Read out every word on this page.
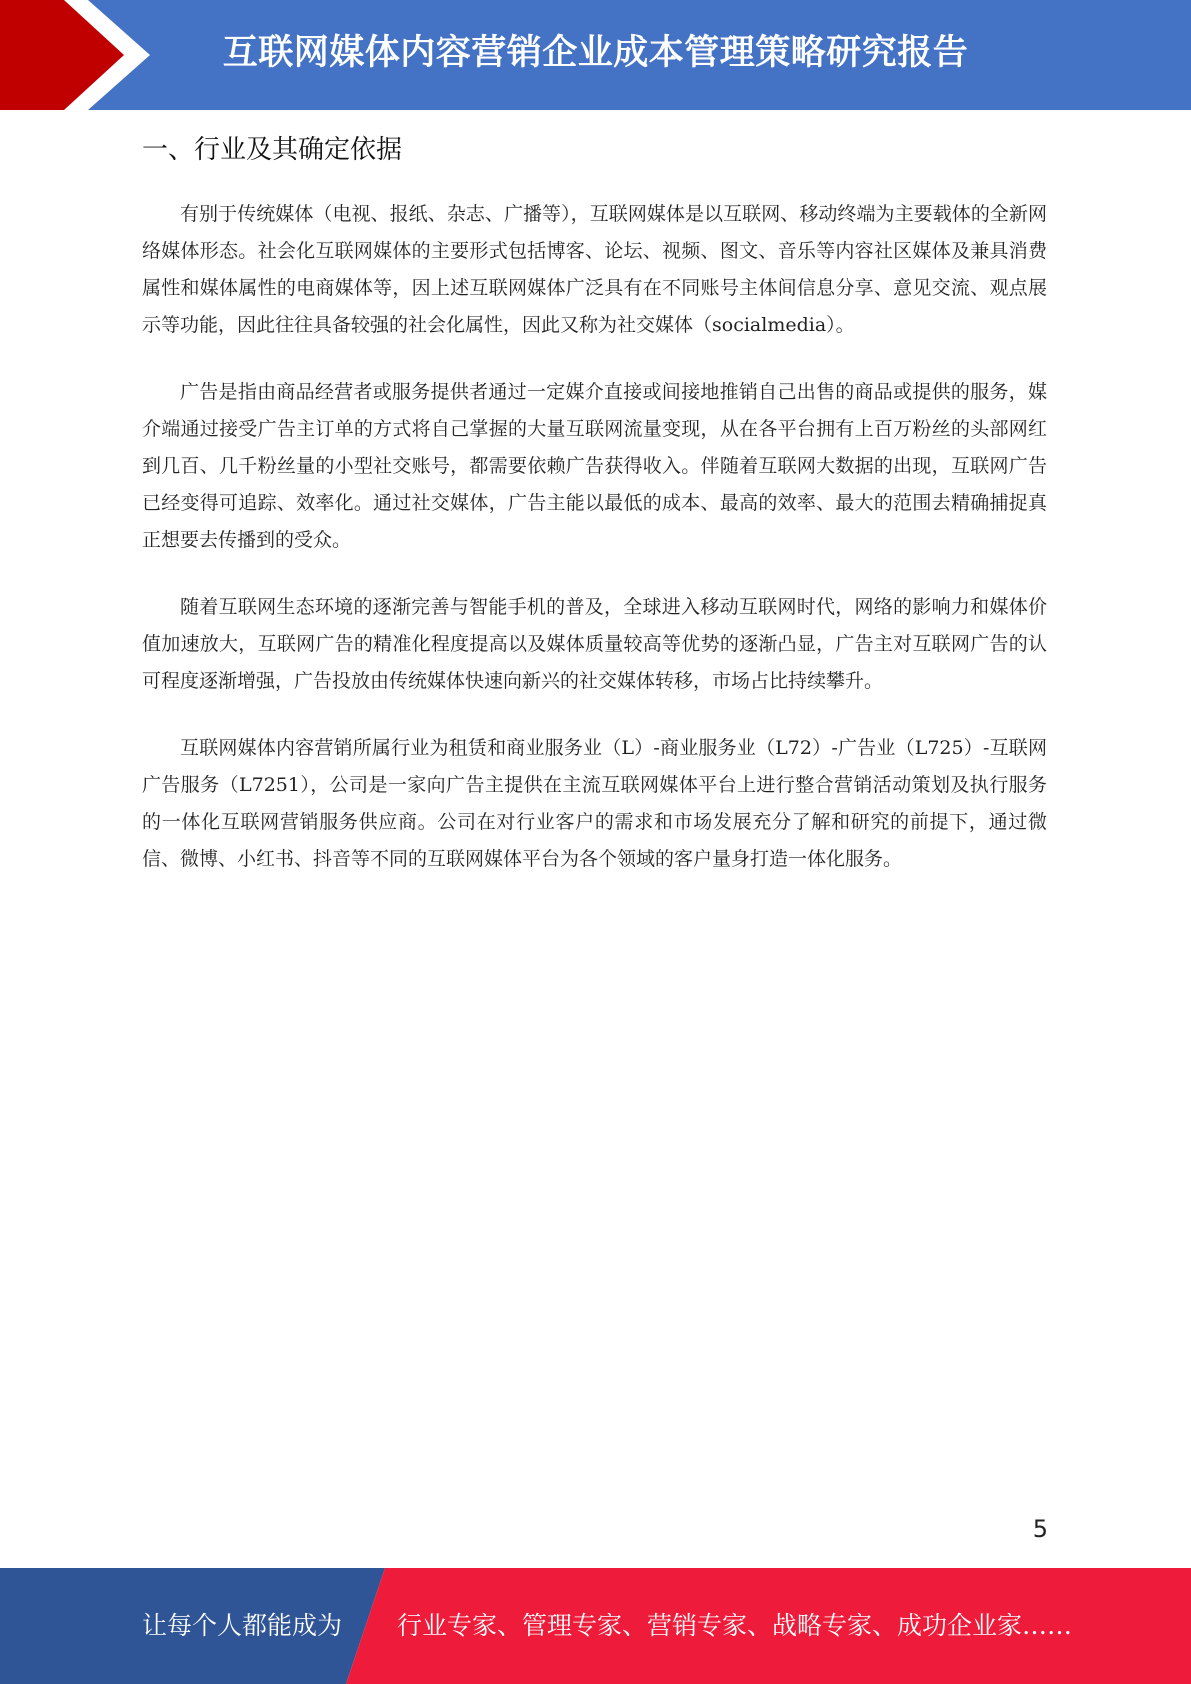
互联网媒体内容营销企业成本管理策略研究报告
一、行业及其确定依据

有别于传统媒体（电视、报纸、杂志、广播等），互联网媒体是以互联网、移动终端为主要载体的全新网络媒体形态。社会化互联网媒体的主要形式包括博客、论坛、视频、图文、音乐等内容社区媒体及兼具消费属性和媒体属性的电商媒体等，因上述互联网媒体广泛具有在不同账号主体间信息分享、意见交流、观点展示等功能，因此往往具备较强的社会化属性，因此又称为社交媒体（socialmedia）。

广告是指由商品经营者或服务提供者通过一定媒介直接或间接地推销自己出售的商品或提供的服务，媒介端通过接受广告主订单的方式将自己掌握的大量互联网流量变现，从在各平台拥有上百万粉丝的头部网红到几百、几千粉丝量的小型社交账号，都需要依赖广告获得收入。伴随着互联网大数据的出现，互联网广告已经变得可追踪、效率化。通过社交媒体，广告主能以最低的成本、最高的效率、最大的范围去精确捕捉真正想要去传播到的受众。

随着互联网生态环境的逐渐完善与智能手机的普及，全球进入移动互联网时代，网络的影响力和媒体价值加速放大，互联网广告的精准化程度提高以及媒体质量较高等优势的逐渐凸显，广告主对互联网广告的认可程度逐渐增强，广告投放由传统媒体快速向新兴的社交媒体转移，市场占比持续攀升。

互联网媒体内容营销所属行业为租赁和商业服务业（L）-商业服务业（L72）-广告业（L725）-互联网广告服务（L7251），公司是一家向广告主提供在主流互联网媒体平台上进行整合营销活动策划及执行服务的一体化互联网营销服务供应商。公司在对行业客户的需求和市场发展充分了解和研究的前提下，通过微信、微博、小红书、抖音等不同的互联网媒体平台为各个领域的客户量身打造一体化服务。

5
让每个人都能成为 行业专家、管理专家、营销专家、战略专家、成功企业家……
